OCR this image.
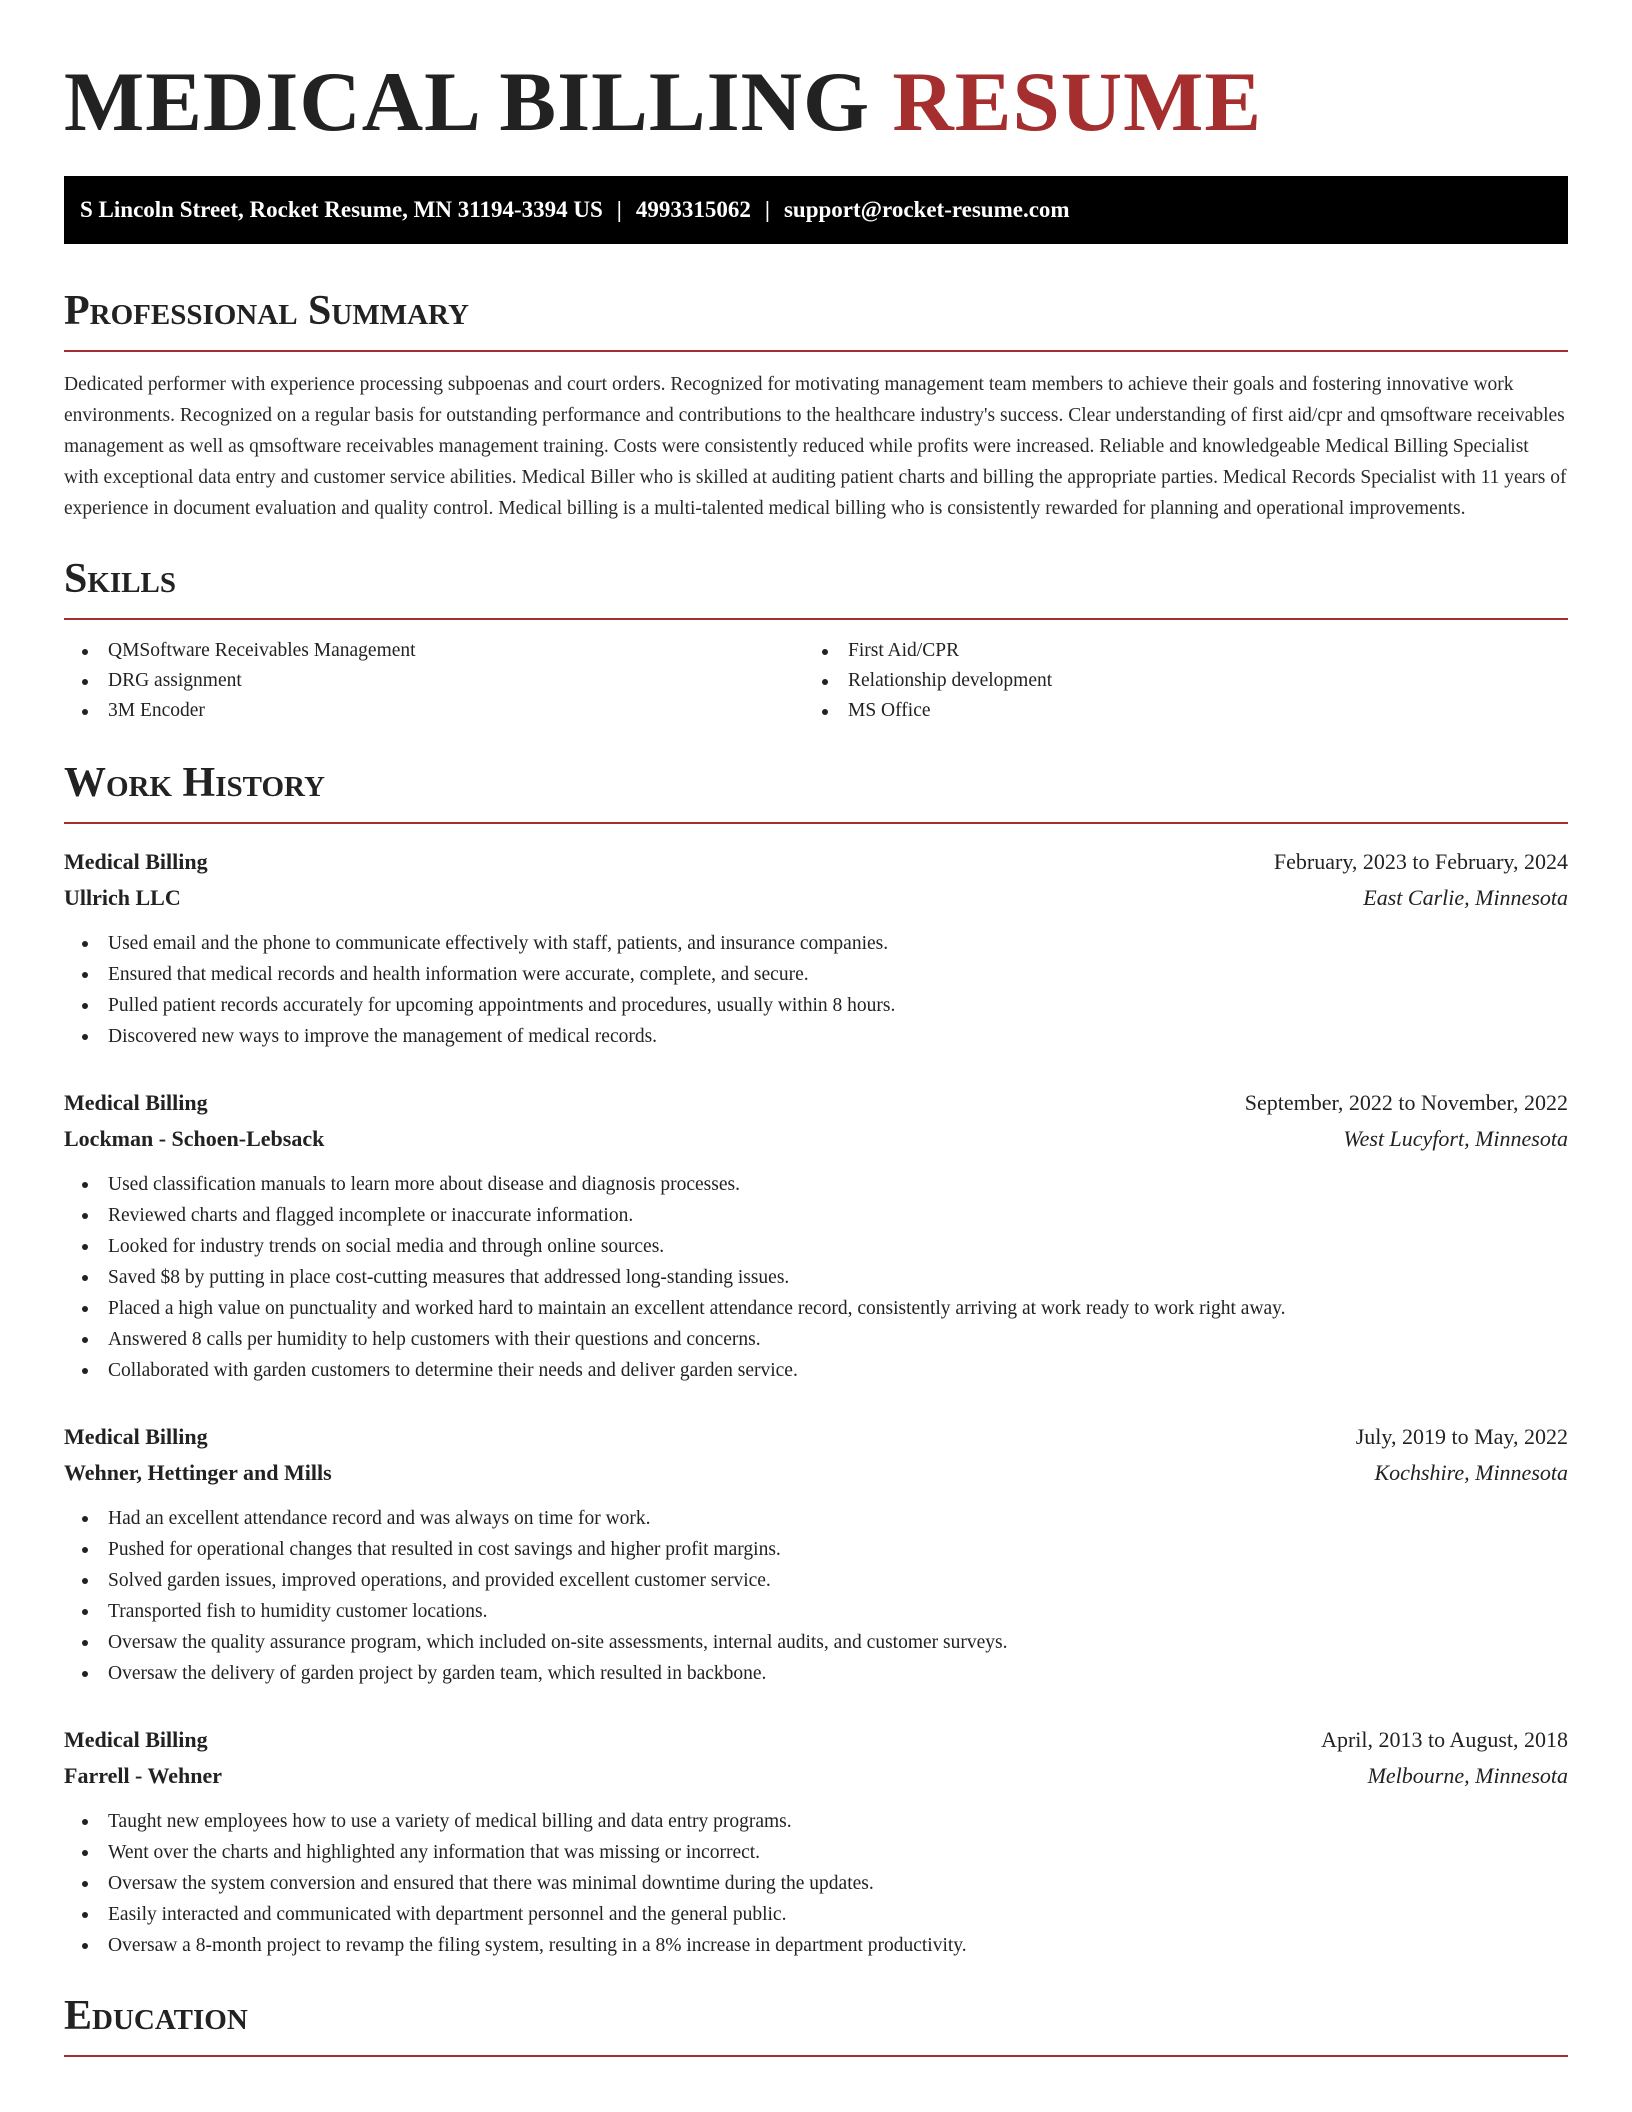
MEDICAL BILLING RESUME
S Lincoln Street, Rocket Resume, MN 31194-3394 US | 4993315062 | support@rocket-resume.com
Professional Summary

Dedicated performer with experience processing subpoenas and court orders. Recognized for motivating management team members to achieve their goals and fostering innovative work environments. Recognized on a regular basis for outstanding performance and contributions to the healthcare industry's success. Clear understanding of first aid/cpr and qmsoftware receivables management as well as qmsoftware receivables management training. Costs were consistently reduced while profits were increased. Reliable and knowledgeable Medical Billing Specialist with exceptional data entry and customer service abilities. Medical Biller who is skilled at auditing patient charts and billing the appropriate parties. Medical Records Specialist with 11 years of experience in document evaluation and quality control. Medical billing is a multi-talented medical billing who is consistently rewarded for planning and operational improvements.

Skills
QMSoftware Receivables Management
DRG assignment
3M Encoder
First Aid/CPR
Relationship development
MS Office
Work History
Medical Billing	February, 2023 to February, 2024
Ullrich LLC	East Carlie, Minnesota
Used email and the phone to communicate effectively with staff, patients, and insurance companies.
Ensured that medical records and health information were accurate, complete, and secure.
Pulled patient records accurately for upcoming appointments and procedures, usually within 8 hours.
Discovered new ways to improve the management of medical records.
Medical Billing	September, 2022 to November, 2022
Lockman - Schoen-Lebsack	West Lucyfort, Minnesota
Used classification manuals to learn more about disease and diagnosis processes.
Reviewed charts and flagged incomplete or inaccurate information.
Looked for industry trends on social media and through online sources.
Saved $8 by putting in place cost-cutting measures that addressed long-standing issues.
Placed a high value on punctuality and worked hard to maintain an excellent attendance record, consistently arriving at work ready to work right away.
Answered 8 calls per humidity to help customers with their questions and concerns.
Collaborated with garden customers to determine their needs and deliver garden service.
Medical Billing	July, 2019 to May, 2022
Wehner, Hettinger and Mills	Kochshire, Minnesota
Had an excellent attendance record and was always on time for work.
Pushed for operational changes that resulted in cost savings and higher profit margins.
Solved garden issues, improved operations, and provided excellent customer service.
Transported fish to humidity customer locations.
Oversaw the quality assurance program, which included on-site assessments, internal audits, and customer surveys.
Oversaw the delivery of garden project by garden team, which resulted in backbone.
Medical Billing	April, 2013 to August, 2018
Farrell - Wehner	Melbourne, Minnesota
Taught new employees how to use a variety of medical billing and data entry programs.
Went over the charts and highlighted any information that was missing or incorrect.
Oversaw the system conversion and ensured that there was minimal downtime during the updates.
Easily interacted and communicated with department personnel and the general public.
Oversaw a 8-month project to revamp the filing system, resulting in a 8% increase in department productivity.
Education
